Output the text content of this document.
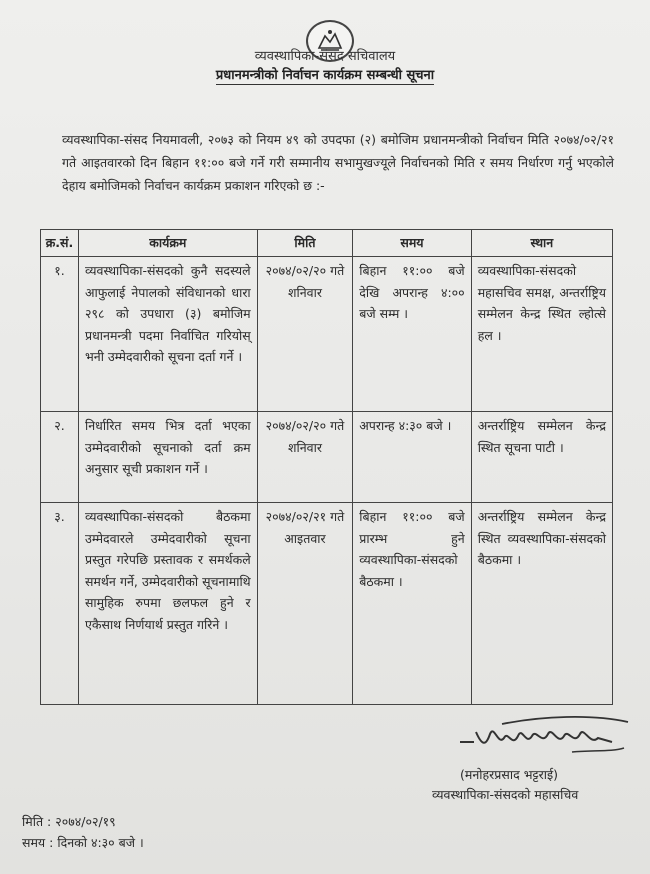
व्यवस्थापिका-संसद सचिवालय
प्रधानमन्त्रीको निर्वाचन कार्यक्रम सम्बन्धी सूचना
व्यवस्थापिका-संसद नियमावली, २०७३ को नियम ४९ को उपदफा (२) बमोजिम प्रधानमन्त्रीको निर्वाचन मिति २०७४/०२/२१ गते आइतवारको दिन बिहान ११:०० बजे गर्ने गरी सम्मानीय सभामुखज्यूले निर्वाचनको मिति र समय निर्धारण गर्नु भएकोले देहाय बमोजिमको निर्वाचन कार्यक्रम प्रकाशन गरिएको छ :-
क्र.सं.	कार्यक्रम	मिति	समय	स्थान
१.	व्यवस्थापिका-संसदको कुनै सदस्यले आफुलाई नेपालको संविधानको धारा २९८ को उपधारा (३) बमोजिम प्रधानमन्त्री पदमा निर्वाचित गरियोस् भनी उम्मेदवारीको सूचना दर्ता गर्ने ।	२०७४/०२/२० गते शनिवार	बिहान ११:०० बजे देखि अपरान्ह ४:०० बजे सम्म ।	व्यवस्थापिका-संसदको महासचिव समक्ष, अन्तर्राष्ट्रिय सम्मेलन केन्द्र स्थित ल्होत्से हल ।
२.	निर्धारित समय भित्र दर्ता भएका उम्मेदवारीको सूचनाको दर्ता क्रम अनुसार सूची प्रकाशन गर्ने ।	२०७४/०२/२० गते शनिवार	अपरान्ह ४:३० बजे ।	अन्तर्राष्ट्रिय सम्मेलन केन्द्र स्थित सूचना पाटी ।
३.	व्यवस्थापिका-संसदको बैठकमा उम्मेदवारले उम्मेदवारीको सूचना प्रस्तुत गरेपछि प्रस्तावक र समर्थकले समर्थन गर्ने, उम्मेदवारीको सूचनामाथि सामुहिक रुपमा छलफल हुने र एकैसाथ निर्णयार्थ प्रस्तुत गरिने ।	२०७४/०२/२१ गते आइतवार	बिहान ११:०० बजे प्रारम्भ हुने व्यवस्थापिका-संसदको बैठकमा ।	अन्तर्राष्ट्रिय सम्मेलन केन्द्र स्थित व्यवस्थापिका-संसदको बैठकमा ।
(मनोहरप्रसाद भट्टराई)
व्यवस्थापिका-संसदको महासचिव
मिति : २०७४/०२/१९
समय : दिनको ४:३० बजे ।
